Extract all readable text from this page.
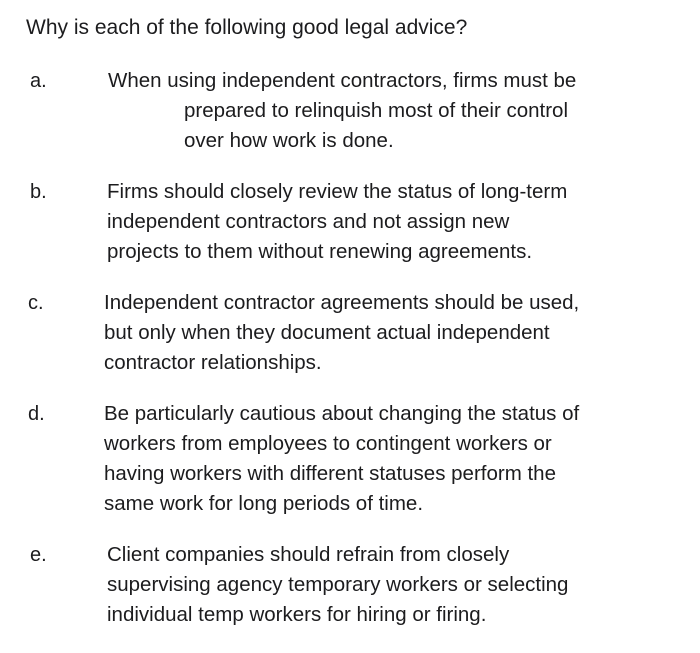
Why is each of the following good legal advice?
a.	When using independent contractors, firms must be
prepared to relinquish most of their control
over how work is done.
b.	Firms should closely review the status of long-term
independent contractors and not assign new
projects to them without renewing agreements.
c.	Independent contractor agreements should be used,
but only when they document actual independent
contractor relationships.
d.	Be particularly cautious about changing the status of
workers from employees to contingent workers or
having workers with different statuses perform the
same work for long periods of time.
e.	Client companies should refrain from closely
supervising agency temporary workers or selecting
individual temp workers for hiring or firing.
